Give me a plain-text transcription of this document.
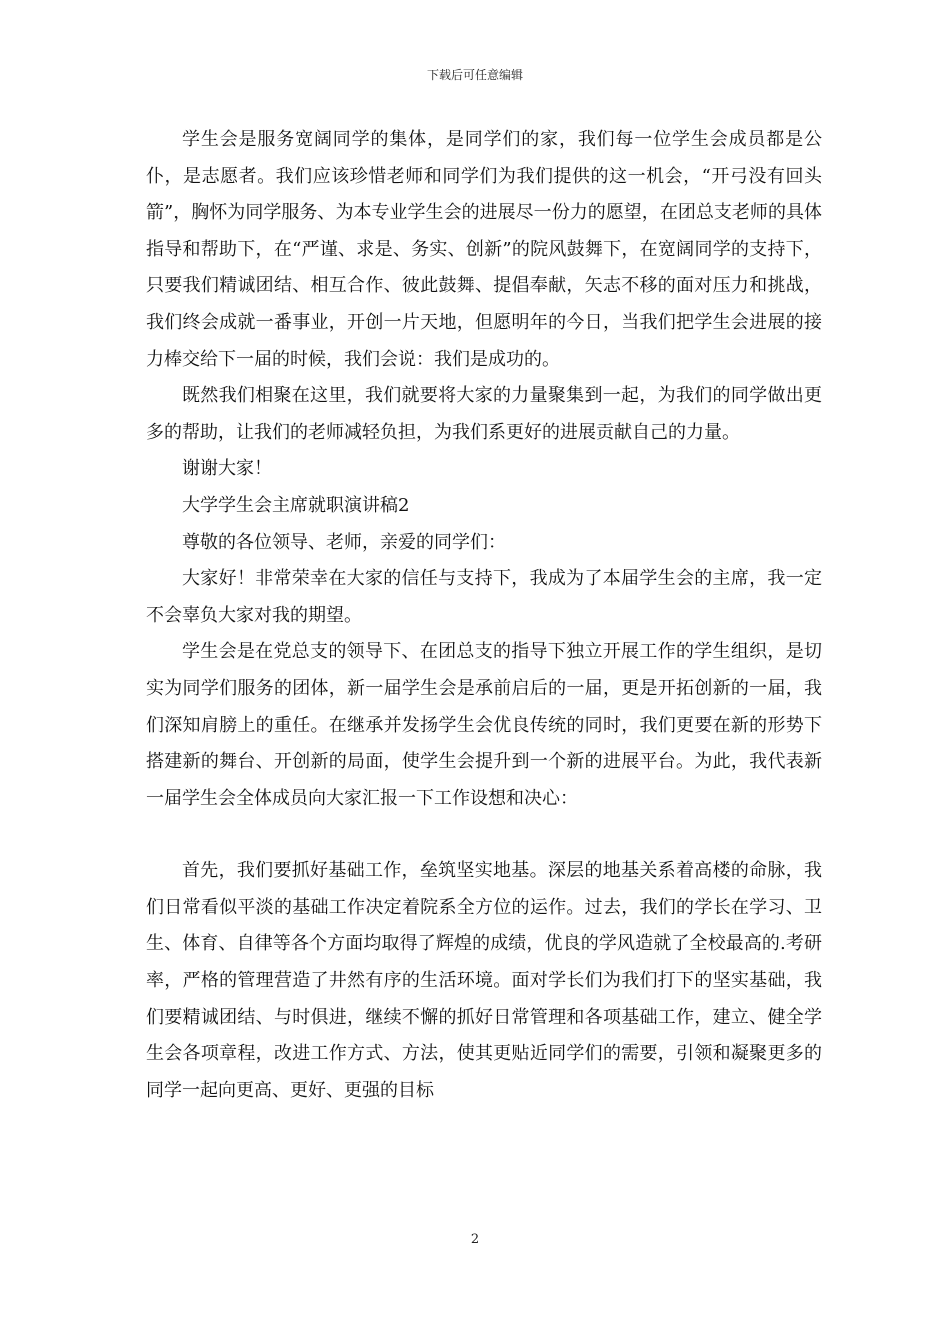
下载后可任意编辑

学生会是服务宽阔同学的集体，是同学们的家，我们每一位学生会成员都是公仆，是志愿者。我们应该珍惜老师和同学们为我们提供的这一机会，“开弓没有回头箭”，胸怀为同学服务、为本专业学生会的进展尽一份力的愿望，在团总支老师的具体指导和帮助下，在“严谨、求是、务实、创新”的院风鼓舞下，在宽阔同学的支持下，只要我们精诚团结、相互合作、彼此鼓舞、提倡奉献，矢志不移的面对压力和挑战，我们终会成就一番事业，开创一片天地，但愿明年的今日，当我们把学生会进展的接力棒交给下一届的时候，我们会说：我们是成功的。

既然我们相聚在这里，我们就要将大家的力量聚集到一起，为我们的同学做出更多的帮助，让我们的老师减轻负担，为我们系更好的进展贡献自己的力量。

谢谢大家！

大学学生会主席就职演讲稿2

尊敬的各位领导、老师，亲爱的同学们：

大家好！非常荣幸在大家的信任与支持下，我成为了本届学生会的主席，我一定不会辜负大家对我的期望。

学生会是在党总支的领导下、在团总支的指导下独立开展工作的学生组织，是切实为同学们服务的团体，新一届学生会是承前启后的一届，更是开拓创新的一届，我们深知肩膀上的重任。在继承并发扬学生会优良传统的同时，我们更要在新的形势下搭建新的舞台、开创新的局面，使学生会提升到一个新的进展平台。为此，我代表新一届学生会全体成员向大家汇报一下工作设想和决心：

首先，我们要抓好基础工作，垒筑坚实地基。深层的地基关系着高楼的命脉，我们日常看似平淡的基础工作决定着院系全方位的运作。过去，我们的学长在学习、卫生、体育、自律等各个方面均取得了辉煌的成绩，优良的学风造就了全校最高的.考研率，严格的管理营造了井然有序的生活环境。面对学长们为我们打下的坚实基础，我们要精诚团结、与时俱进，继续不懈的抓好日常管理和各项基础工作，建立、健全学生会各项章程，改进工作方式、方法，使其更贴近同学们的需要，引领和凝聚更多的同学一起向更高、更好、更强的目标

2
